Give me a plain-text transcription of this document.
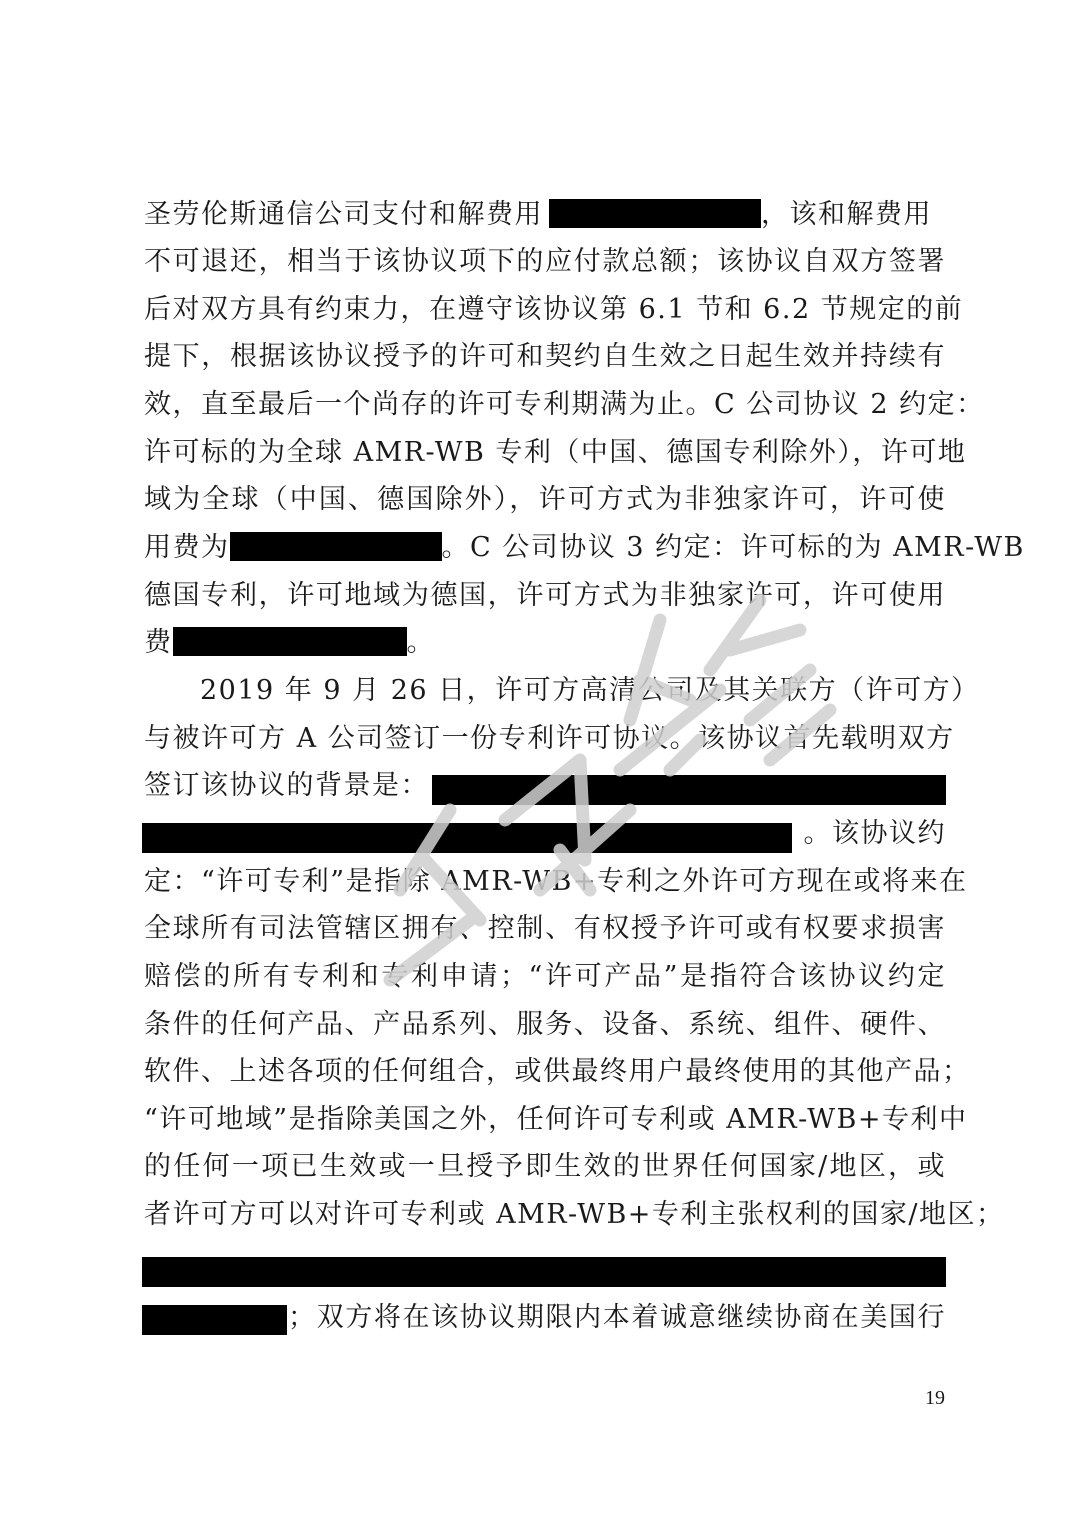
圣劳伦斯通信公司支付和解费用	，该和解费用
不可退还，相当于该协议项下的应付款总额；该协议自双方签署
后对双方具有约束力，在遵守该协议第 6.1 节和 6.2 节规定的前
提下，根据该协议授予的许可和契约自生效之日起生效并持续有
效，直至最后一个尚存的许可专利期满为止。C 公司协议 2 约定：
许可标的为全球 AMR-WB 专利（中国、德国专利除外），许可地
域为全球（中国、德国除外），许可方式为非独家许可，许可使
用费为	。C 公司协议 3 约定：许可标的为 AMR-WB
德国专利，许可地域为德国，许可方式为非独家许可，许可使用
费	。
2019 年 9 月 26 日，许可方高清公司及其关联方（许可方）
与被许可方 A 公司签订一份专利许可协议。该协议首先载明双方
签订该协议的背景是：
。该协议约
定：“许可专利”是指除 AMR-WB+专利之外许可方现在或将来在
全球所有司法管辖区拥有、控制、有权授予许可或有权要求损害
赔偿的所有专利和专利申请；“许可产品”是指符合该协议约定
条件的任何产品、产品系列、服务、设备、系统、组件、硬件、
软件、上述各项的任何组合，或供最终用户最终使用的其他产品；
“许可地域”是指除美国之外，任何许可专利或 AMR-WB+专利中
的任何一项已生效或一旦授予即生效的世界任何国家/地区，或
者许可方可以对许可专利或 AMR-WB+专利主张权利的国家/地区；
；双方将在该协议期限内本着诚意继续协商在美国行
19
